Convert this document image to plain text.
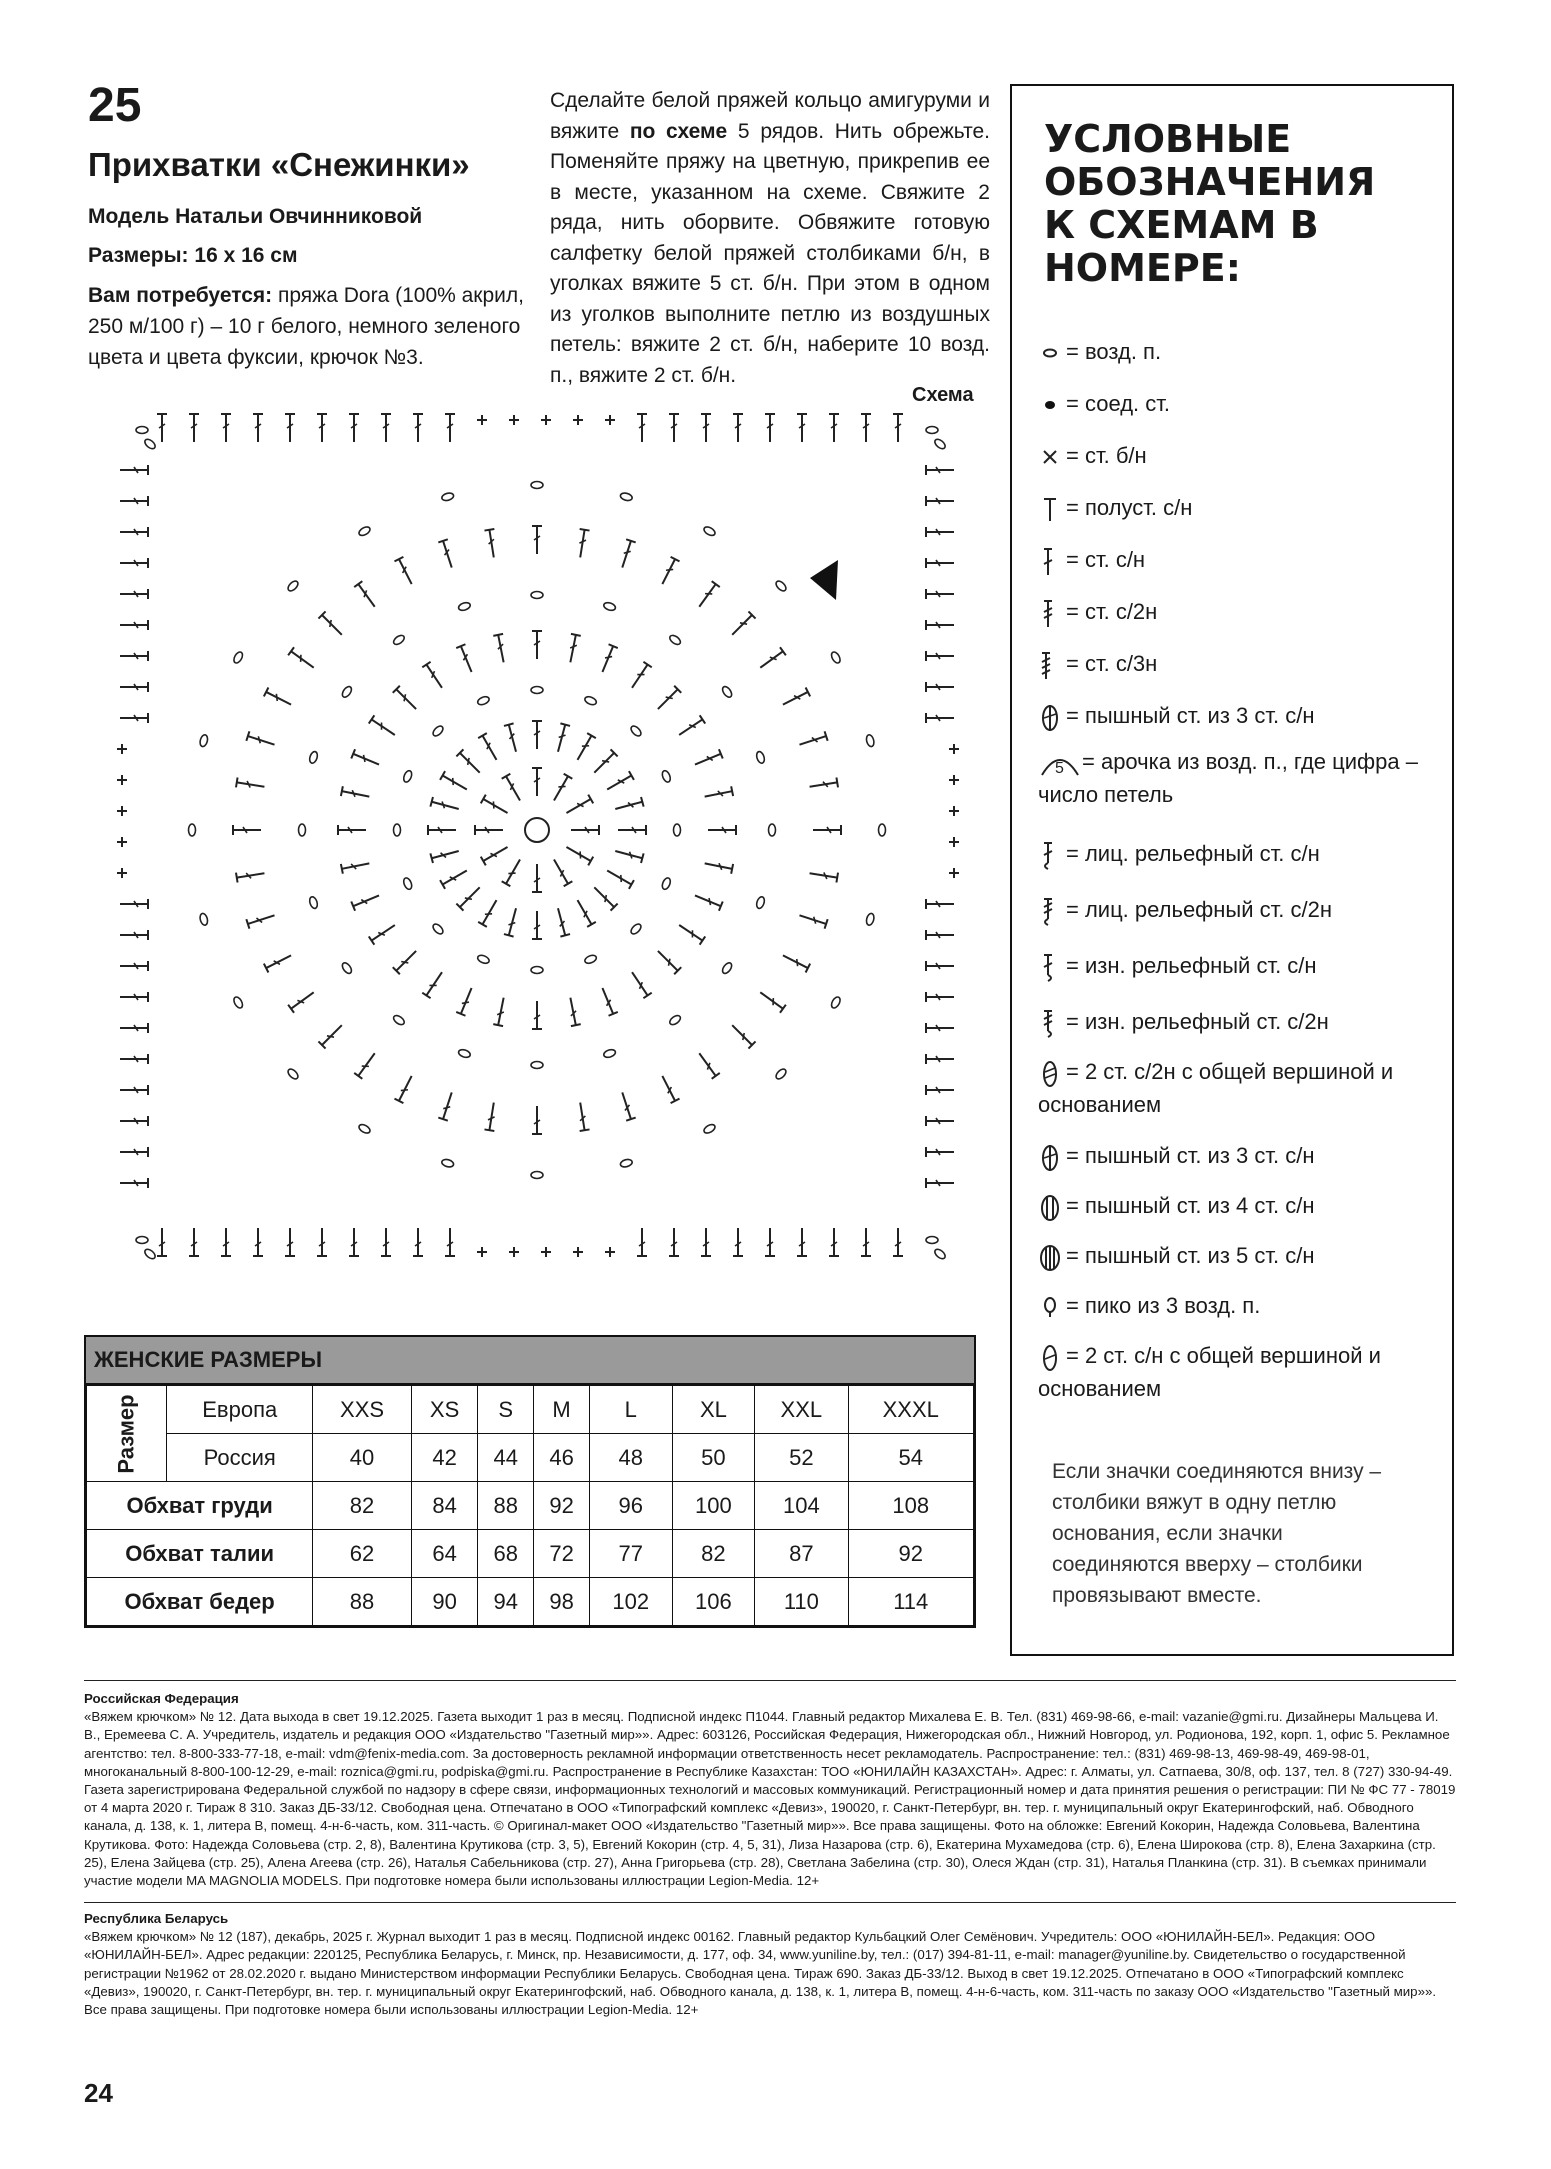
25
Прихватки «Снежинки»
Модель Натальи Овчинниковой
Размеры: 16 х 16 см
Вам потребуется: пряжа Dora (100% акрил, 250 м/100 г) – 10 г белого, немного зеленого цвета и цвета фуксии, крючок №3.
Сделайте белой пряжей кольцо амигуруми и вяжите по схеме 5 рядов. Нить обрежьте. Поменяйте пряжу на цветную, прикрепив ее в месте, указанном на схеме. Свяжите 2 ряда, нить оборвите. Обвяжите готовую салфетку белой пряжей столбиками б/н, в уголках вяжите 5 ст. б/н. При этом в одном из уголков выполните петлю из воздушных петель: вяжите 2 ст. б/н, наберите 10 возд. п., вяжите 2 ст. б/н.
Схема
ЖЕНСКИЕ РАЗМЕРЫ
Размер	Европа	XXS	XS	S	M	L	XL	XXL	XXXL
	Россия	40	42	44	46	48	50	52	54
Обхват груди		82	84	88	92	96	100	104	108
Обхват талии		62	64	68	72	77	82	87	92
Обхват бедер		88	90	94	98	102	106	110	114
УСЛОВНЫЕ ОБОЗНАЧЕНИЯ К СХЕМАМ В НОМЕРЕ:
= возд. п.
= соед. ст.
= ст. б/н
= полуст. с/н
= ст. с/н
= ст. с/2н
= ст. с/3н
= пышный ст. из 3 ст. с/н
5 = арочка из возд. п., где цифра – число петель
= лиц. рельефный ст. с/н
= лиц. рельефный ст. с/2н
= изн. рельефный ст. с/н
= изн. рельефный ст. с/2н
= 2 ст. с/2н с общей вершиной и основанием
= пышный ст. из 3 ст. с/н
= пышный ст. из 4 ст. с/н
= пышный ст. из 5 ст. с/н
= пико из 3 возд. п.
= 2 ст. с/н с общей вершиной и основанием
Если значки соединяются внизу – столбики вяжут в одну петлю основания, если значки соединяются вверху – столбики провязывают вместе.
Российская Федерация
«Вяжем крючком» № 12. Дата выхода в свет 19.12.2025. Газета выходит 1 раз в месяц. Подписной индекс П1044. Главный редактор Михалева Е. В. Тел. (831) 469-98-66, e-mail: vazanie@gmi.ru. Дизайнеры Мальцева И. В., Еремеева С. А. Учредитель, издатель и редакция ООО «Издательство "Газетный мир»». Адрес: 603126, Российская Федерация, Нижегородская обл., Нижний Новгород, ул. Родионова, 192, корп. 1, офис 5. Рекламное агентство: тел. 8-800-333-77-18, e-mail: vdm@fenix-media.com. За достоверность рекламной информации ответственность несет рекламодатель. Распространение: тел.: (831) 469-98-13, 469-98-49, 469-98-01, многоканальный 8-800-100-12-29, e-mail: roznica@gmi.ru, podpiska@gmi.ru. Распространение в Республике Казахстан: ТОО «ЮНИЛАЙН КАЗАХСТАН». Адрес: г. Алматы, ул. Сатпаева, 30/8, оф. 137, тел. 8 (727) 330-94-49. Газета зарегистрирована Федеральной службой по надзору в сфере связи, информационных технологий и массовых коммуникаций. Регистрационный номер и дата принятия решения о регистрации: ПИ № ФС 77 - 78019 от 4 марта 2020 г. Тираж 8 310. Заказ ДБ-33/12. Свободная цена. Отпечатано в ООО «Типографский комплекс «Девиз», 190020, г. Санкт-Петербург, вн. тер. г. муниципальный округ Екатерингофский, наб. Обводного канала, д. 138, к. 1, литера В, помещ. 4-н-6-часть, ком. 311-часть. © Оригинал-макет ООО «Издательство "Газетный мир»». Все права защищены. Фото на обложке: Евгений Кокорин, Надежда Соловьева, Валентина Крутикова. Фото: Надежда Соловьева (стр. 2, 8), Валентина Крутикова (стр. 3, 5), Евгений Кокорин (стр. 4, 5, 31), Лиза Назарова (стр. 6), Екатерина Мухамедова (стр. 6), Елена Широкова (стр. 8), Елена Захаркина (стр. 25), Елена Зайцева (стр. 25), Алена Агеева (стр. 26), Наталья Сабельникова (стр. 27), Анна Григорьева (стр. 28), Светлана Забелина (стр. 30), Олеся Ждан (стр. 31), Наталья Планкина (стр. 31). В съемках принимали участие модели MA MAGNOLIA MODELS. При подготовке номера были использованы иллюстрации Legion-Media. 12+
Республика Беларусь
«Вяжем крючком» № 12 (187), декабрь, 2025 г. Журнал выходит 1 раз в месяц. Подписной индекс 00162. Главный редактор Кульбацкий Олег Семёнович. Учредитель: ООО «ЮНИЛАЙН-БЕЛ». Редакция: ООО «ЮНИЛАЙН-БЕЛ». Адрес редакции: 220125, Республика Беларусь, г. Минск, пр. Независимости, д. 177, оф. 34, www.yuniline.by, тел.: (017) 394-81-11, e-mail: manager@yuniline.by. Свидетельство о государственной регистрации №1962 от 28.02.2020 г. выдано Министерством информации Республики Беларусь. Свободная цена. Тираж 690. Заказ ДБ-33/12. Выход в свет 19.12.2025. Отпечатано в ООО «Типографский комплекс «Девиз», 190020, г. Санкт-Петербург, вн. тер. г. муниципальный округ Екатерингофский, наб. Обводного канала, д. 138, к. 1, литера В, помещ. 4-н-6-часть, ком. 311-часть по заказу ООО «Издательство "Газетный мир»». Все права защищены. При подготовке номера были использованы иллюстрации Legion-Media. 12+
24
